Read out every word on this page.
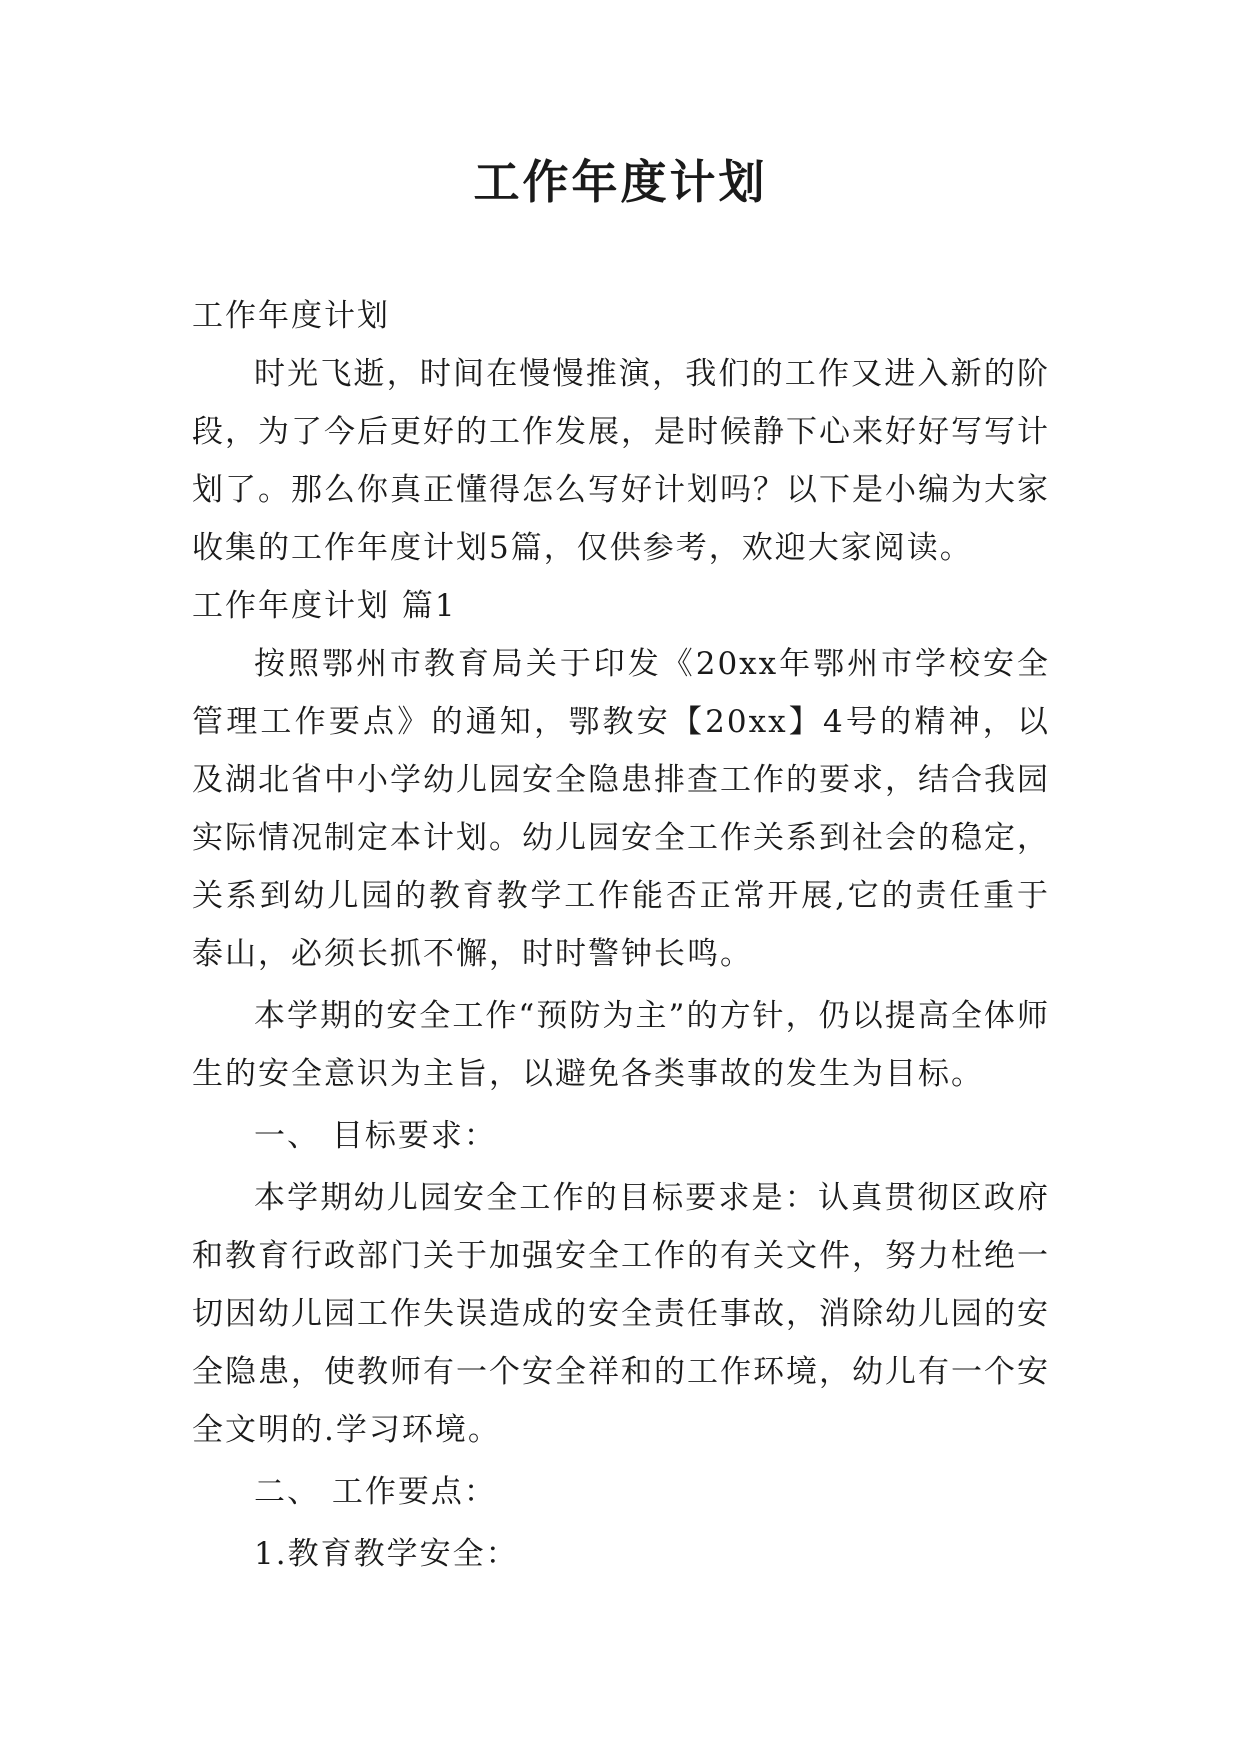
工作年度计划

工作年度计划

时光飞逝，时间在慢慢推演，我们的工作又进入新的阶段，为了今后更好的工作发展，是时候静下心来好好写写计划了。那么你真正懂得怎么写好计划吗？以下是小编为大家收集的工作年度计划5篇，仅供参考，欢迎大家阅读。

工作年度计划 篇1

按照鄂州市教育局关于印发《20xx年鄂州市学校安全管理工作要点》的通知，鄂教安【20xx】4号的精神，以及湖北省中小学幼儿园安全隐患排查工作的要求，结合我园实际情况制定本计划。幼儿园安全工作关系到社会的稳定，关系到幼儿园的教育教学工作能否正常开展,它的责任重于泰山，必须长抓不懈，时时警钟长鸣。

本学期的安全工作“预防为主”的方针，仍以提高全体师生的安全意识为主旨，以避免各类事故的发生为目标。

一、 目标要求：

本学期幼儿园安全工作的目标要求是：认真贯彻区政府和教育行政部门关于加强安全工作的有关文件，努力杜绝一切因幼儿园工作失误造成的安全责任事故，消除幼儿园的安全隐患，使教师有一个安全祥和的工作环境，幼儿有一个安全文明的.学习环境。

二、 工作要点：

1.教育教学安全：
